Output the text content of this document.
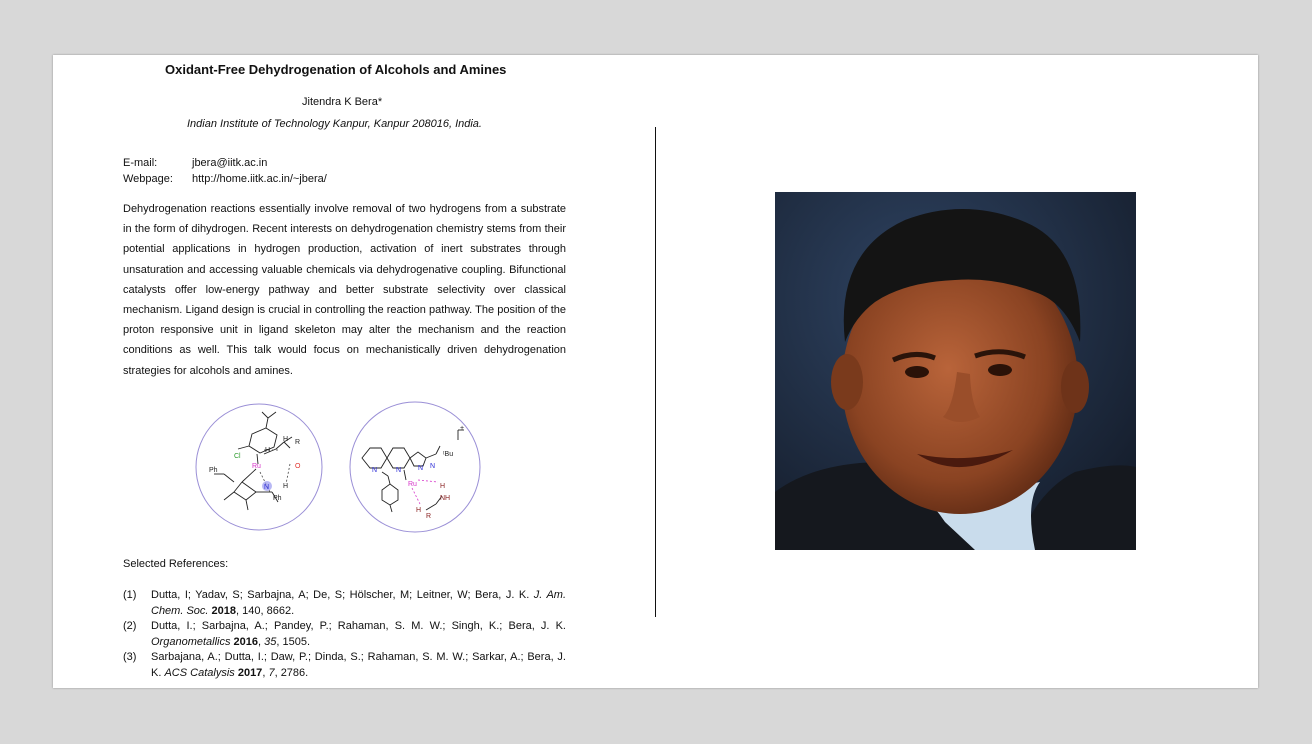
Oxidant-Free Dehydrogenation of Alcohols and Amines
Jitendra K Bera*
Indian Institute of Technology Kanpur, Kanpur 208016, India.
E-mail:	jbera@iitk.ac.in
Webpage:	http://home.iitk.ac.in/~jbera/
Dehydrogenation reactions essentially involve removal of two hydrogens from a substrate in the form of dihydrogen. Recent interests on dehydrogenation chemistry stems from their potential applications in hydrogen production, activation of inert substrates through unsaturation and accessing valuable chemicals via dehydrogenative coupling. Bifunctional catalysts offer low-energy pathway and better substrate selectivity over classical mechanism. Ligand design is crucial in controlling the reaction pathway. The position of the proton responsive unit in ligand skeleton may alter the mechanism and the reaction conditions as well. This talk would focus on mechanistically driven dehydrogenation strategies for alcohols and amines.
Cl
Ru
Ph
Ph
H
H
H
R
O
N	Ru
ᵗBu
+
N	N N N
NH
H
H
R
Selected References:
(1)	Dutta, I; Yadav, S; Sarbajna, A; De, S; Hölscher, M; Leitner, W; Bera, J. K. J. Am. Chem. Soc. 2018, 140, 8662.
(2)	Dutta, I.; Sarbajna, A.; Pandey, P.; Rahaman, S. M. W.; Singh, K.; Bera, J. K. Organometallics 2016, 35, 1505.
(3)	Sarbajana, A.; Dutta, I.; Daw, P.; Dinda, S.; Rahaman, S. M. W.; Sarkar, A.; Bera, J. K. ACS Catalysis 2017, 7, 2786.
